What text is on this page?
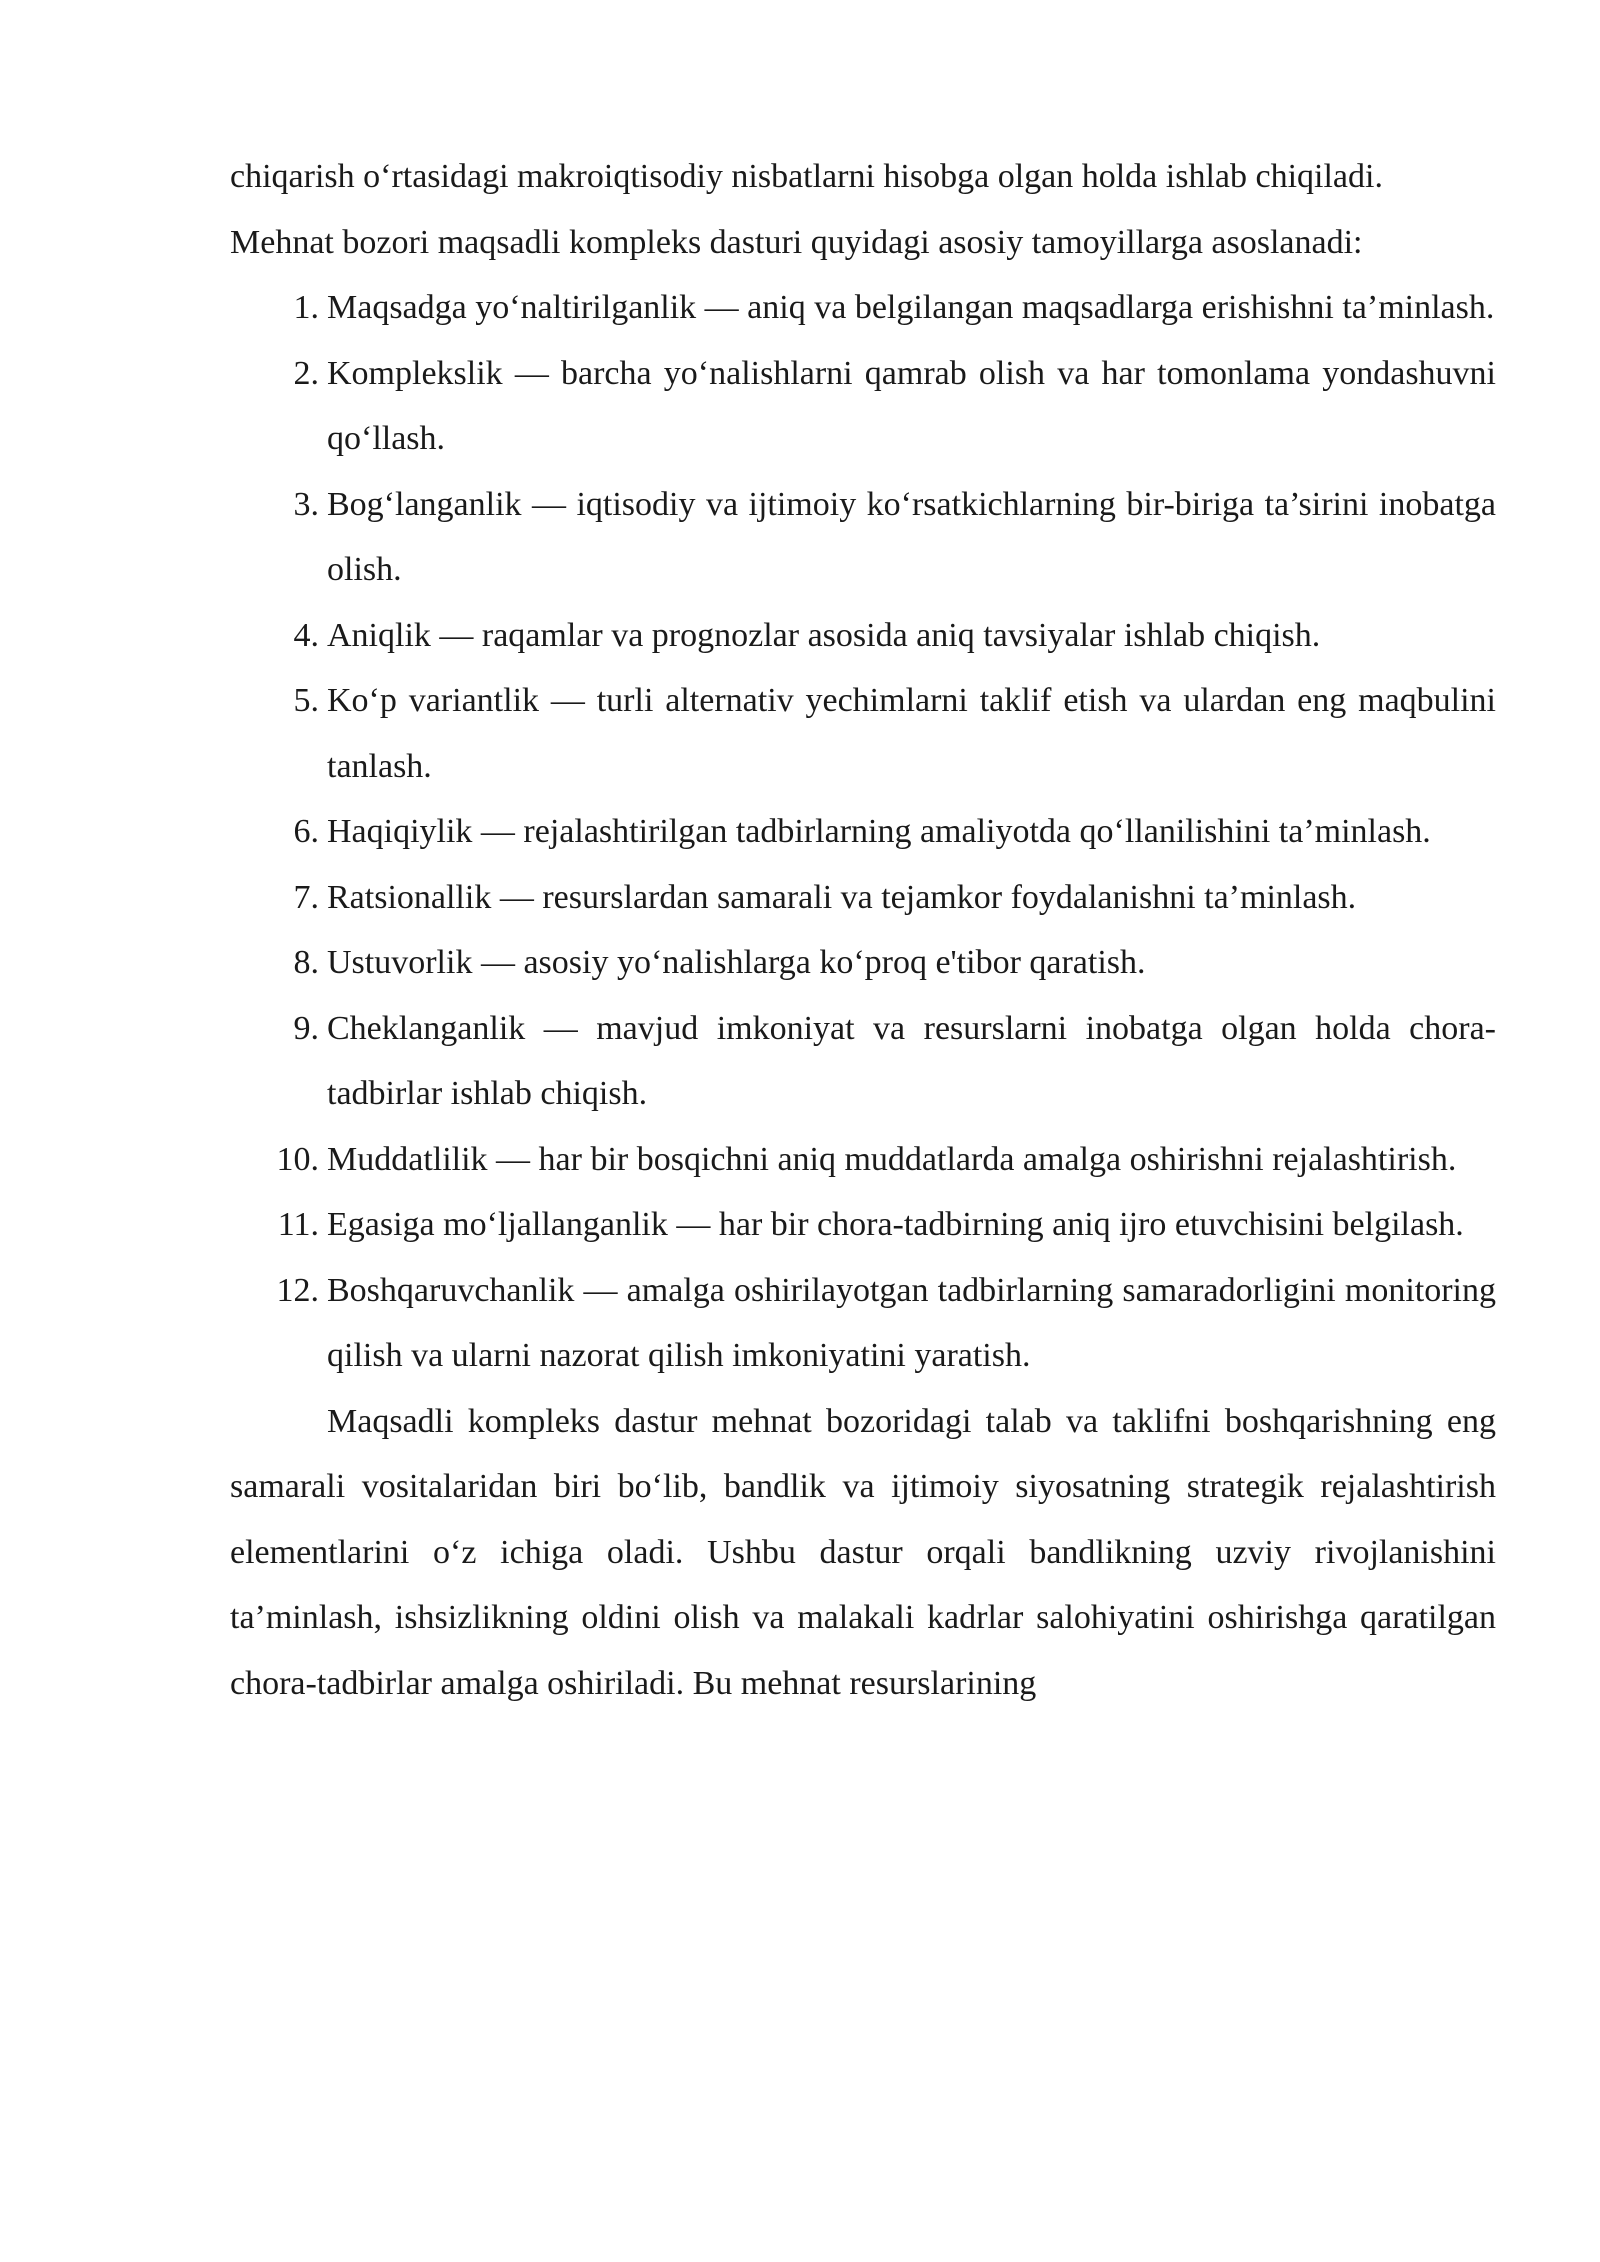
chiqarish o‘rtasidagi makroiqtisodiy nisbatlarni hisobga olgan holda ishlab chiqiladi.

Mehnat bozori maqsadli kompleks dasturi quyidagi asosiy tamoyillarga asoslanadi:

1. Maqsadga yo‘naltirilganlik — aniq va belgilangan maqsadlarga erishishni ta’minlash.
2. Komplekslik — barcha yo‘nalishlarni qamrab olish va har tomonlama yondashuvni qo‘llash.
3. Bog‘langanlik — iqtisodiy va ijtimoiy ko‘rsatkichlarning bir-biriga ta’sirini inobatga olish.
4. Aniqlik — raqamlar va prognozlar asosida aniq tavsiyalar ishlab chiqish.
5. Ko‘p variantlik — turli alternativ yechimlarni taklif etish va ulardan eng maqbulini tanlash.
6. Haqiqiylik — rejalashtirilgan tadbirlarning amaliyotda qo‘llanilishini ta’minlash.
7. Ratsionallik — resurslardan samarali va tejamkor foydalanishni ta’minlash.
8. Ustuvorlik — asosiy yo‘nalishlarga ko‘proq e'tibor qaratish.
9. Cheklanganlik — mavjud imkoniyat va resurslarni inobatga olgan holda chora-tadbirlar ishlab chiqish.
10. Muddatlilik — har bir bosqichni aniq muddatlarda amalga oshirishni rejalashtirish.
11. Egasiga mo‘ljallanganlik — har bir chora-tadbirning aniq ijro etuvchisini belgilash.
12. Boshqaruvchanlik — amalga oshirilayotgan tadbirlarning samaradorligini monitoring qilish va ularni nazorat qilish imkoniyatini yaratish.

Maqsadli kompleks dastur mehnat bozoridagi talab va taklifni boshqarishning eng samarali vositalaridan biri bo‘lib, bandlik va ijtimoiy siyosatning strategik rejalashtirish elementlarini o‘z ichiga oladi. Ushbu dastur orqali bandlikning uzviy rivojlanishini ta’minlash, ishsizlikning oldini olish va malakali kadrlar salohiyatini oshirishga qaratilgan chora-tadbirlar amalga oshiriladi. Bu mehnat resurslarining
